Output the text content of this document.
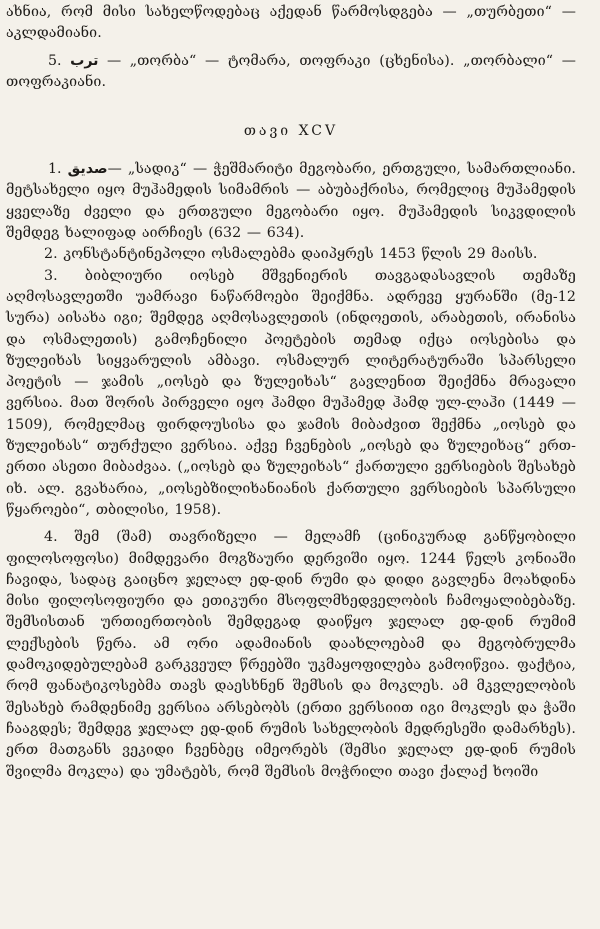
ახნია, რომ მისი სახელწოდებაც აქედან წარმოსდგება — „თურბეთი“ — აკლდამიანი.

5. ترب — „თორბა“ — ტომარა, თოფრაკი (ცხენისა). „თორბალი“ — თოფრაკიანი.

თავი XCV

1. صدیق— „სადიკ“ — ჭეშმარიტი მეგობარი, ერთგული, სამართლიანი. მეტსახელი იყო მუჰამედის სიმამრის — აბუბაქრისა, რომელიც მუჰამედის ყველაზე ძველი და ერთგული მეგობარი იყო. მუჰამედის სიკვდილის შემდეგ ხალიფად აირჩიეს (632 — 634).

2. კონსტანტინეპოლი ოსმალებმა დაიპყრეს 1453 წლის 29 მაისს.

3. ბიბლიური იოსებ მშვენიერის თავგადასავლის თემაზე აღმოსავლეთში უამრავი ნაწარმოები შეიქმნა. ადრევე ყურანში (მე-12 სურა) აისახა იგი; შემდეგ აღმოსავლეთის (ინდოეთის, არაბეთის, ირანისა და ოსმალეთის) გამოჩენილი პოეტების თემად იქცა იოსებისა და ზულეიხას სიყვარულის ამბავი. ოსმალურ ლიტერატურაში სპარსელი პოეტის — ჯამის „იოსებ და ზულეიხას“ გავლენით შეიქმნა მრავალი ვერსია. მათ შორის პირველი იყო ჰამდი მუჰამედ ჰამდ ულ-ლაჰი (1449 — 1509), რომელმაც ფირდოუსისა და ჯამის მიბაძვით შექმნა „იოსებ და ზულეიხას“ თურქული ვერსია. აქვე ჩვენების „იოსებ და ზულეიხაც“ ერთ-ერთი ასეთი მიბაძვაა. („იოსებ და ზულეიხას“ ქართული ვერსიების შესახებ იხ. ალ. გვახარია, „იოსებზილიხანიანის ქართული ვერსიების სპარსული წყაროები“, თბილისი, 1958).

4. შემ (შამ) თავრიზელი — მელამჩ (ცინიკურად განწყობილი ფილოსოფოსი) მიმდევარი მოგზაური დერვიში იყო. 1244 წელს კონიაში ჩავიდა, სადაც გაიცნო ჯელალ ედ-დინ რუმი და დიდი გავლენა მოახდინა მისი ფილოსოფიური და ეთიკური მსოფლმხედველობის ჩამოყალიბებაზე. შემსისთან ურთიერთობის შემდეგად დაიწყო ჯელალ ედ-დინ რუმიმ ლექსების წერა. ამ ორი ადამიანის დაახლოებამ და მეგობრულმა დამოკიდებულებამ გარკვეულ წრეებში უკმაყოფილება გამოიწვია. ფაქტია, რომ ფანატიკოსებმა თავს დაესხნენ შემსის და მოკლეს. ამ მკვლელობის შესახებ რამდენიმე ვერსია არსებობს (ერთი ვერსიით იგი მოკლეს და ჭაში ჩააგდეს; შემდეგ ჯელალ ედ-დინ რუმის სახელობის მედრესეში დამარხეს). ერთ მათგანს ვეკიდი ჩვენბეც იმეორებს (შემსი ჯელალ ედ-დინ რუმის შვილმა მოკლა) და უმატებს, რომ შემსის მოჭრილი თავი ქალაქ ხოიში
